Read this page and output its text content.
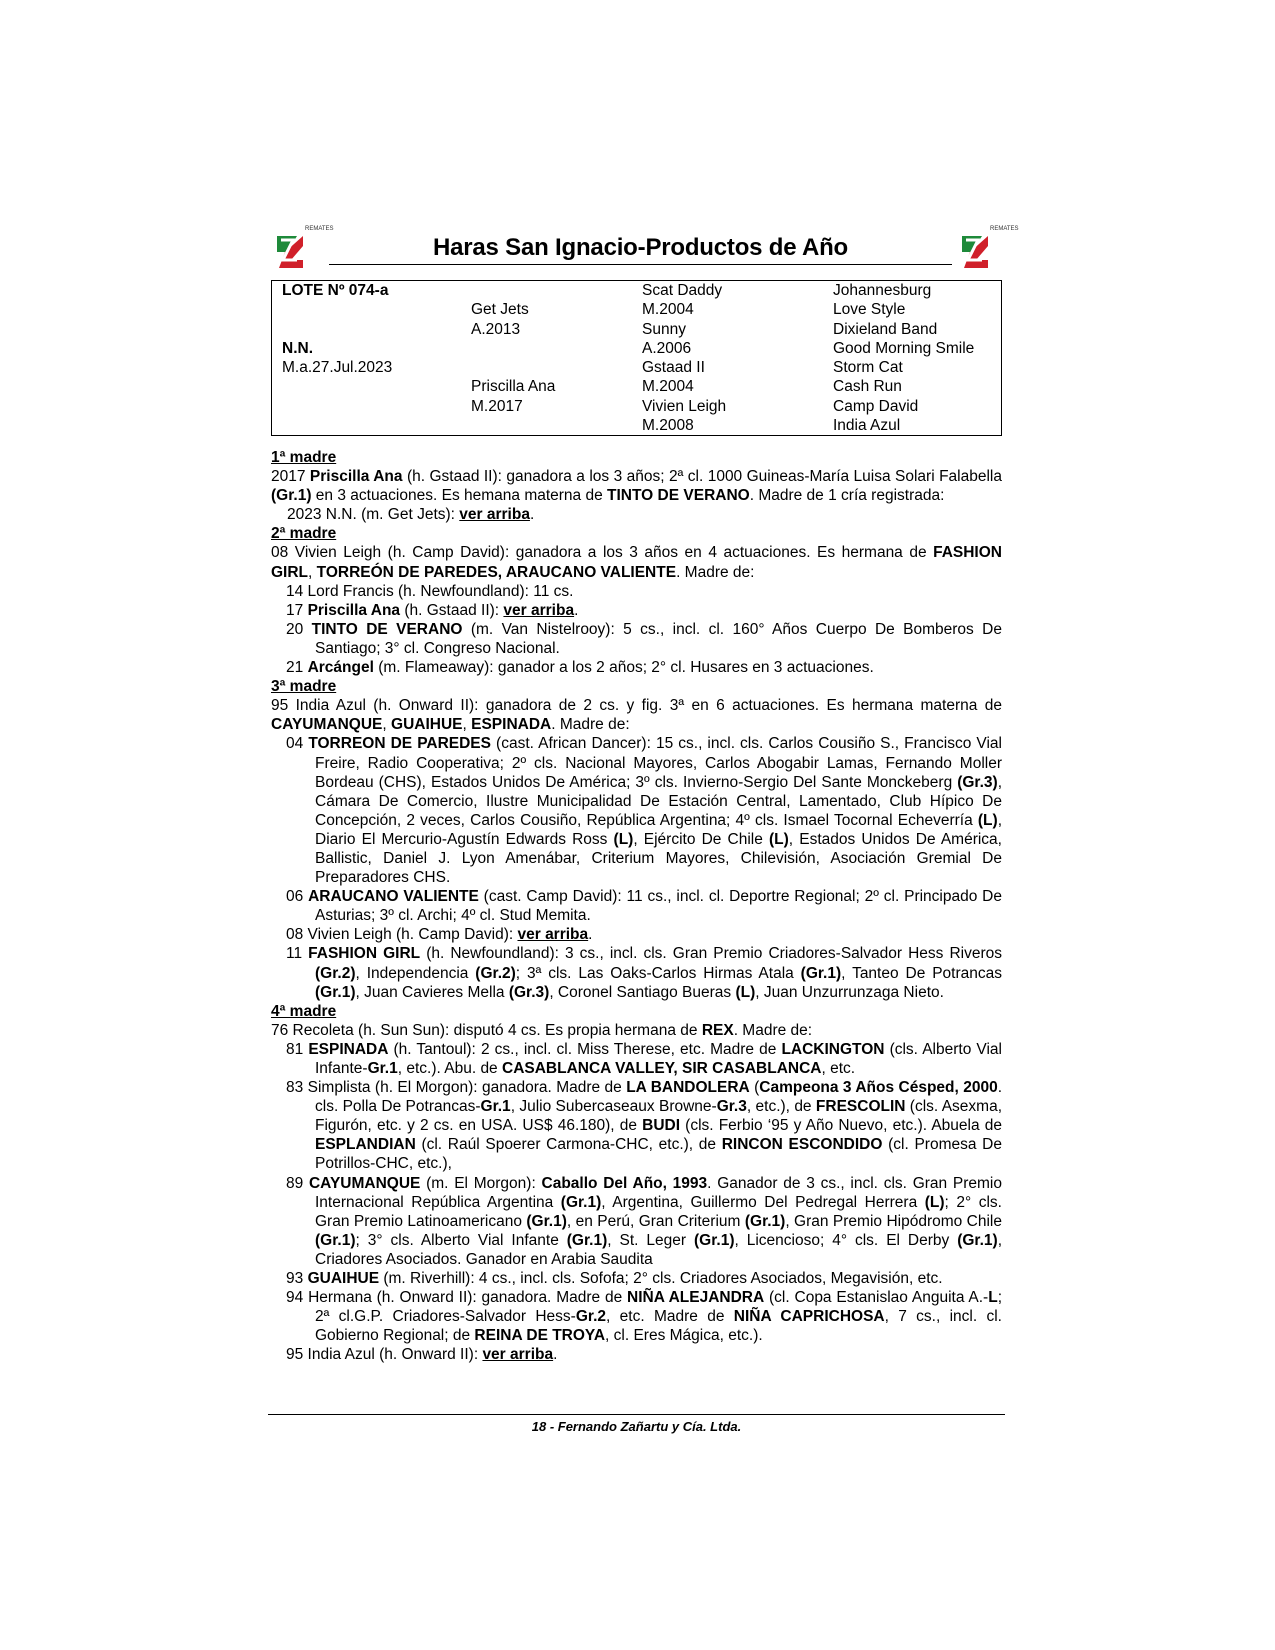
REMATES
Haras San Ignacio-Productos de Año
REMATES
LOTE Nº 074-a
N.N.
M.a.27.Jul.2023
Get Jets
A.2013
Priscilla Ana
M.2017
Scat Daddy
M.2004
Sunny
A.2006
Gstaad II
M.2004
Vivien Leigh
M.2008
Johannesburg
Love Style
Dixieland Band
Good Morning Smile
Storm Cat
Cash Run
Camp David
India Azul
1ª madre

2017 Priscilla Ana (h. Gstaad II): ganadora a los 3 años; 2ª cl. 1000 Guineas-María Luisa Solari Falabella (Gr.1) en 3 actuaciones. Es hemana materna de TINTO DE VERANO. Madre de 1 cría registrada:

2023 N.N. (m. Get Jets): ver arriba.

2ª madre

08 Vivien Leigh (h. Camp David): ganadora a los 3 años en 4 actuaciones. Es hermana de FASHION GIRL, TORREÓN DE PAREDES, ARAUCANO VALIENTE. Madre de:

14 Lord Francis (h. Newfoundland): 11 cs.

17 Priscilla Ana (h. Gstaad II): ver arriba.

20 TINTO DE VERANO (m. Van Nistelrooy): 5 cs., incl. cl. 160° Años Cuerpo De Bomberos De Santiago; 3° cl. Congreso Nacional.

21 Arcángel (m. Flameaway): ganador a los 2 años; 2° cl. Husares en 3 actuaciones.

3ª madre

95 India Azul (h. Onward II): ganadora de 2 cs. y fig. 3ª en 6 actuaciones. Es hermana materna de CAYUMANQUE, GUAIHUE, ESPINADA. Madre de:

04 TORREON DE PAREDES (cast. African Dancer): 15 cs., incl. cls. Carlos Cousiño S., Francisco Vial Freire, Radio Cooperativa; 2º cls. Nacional Mayores, Carlos Abogabir Lamas, Fernando Moller Bordeau (CHS), Estados Unidos De América; 3º cls. Invierno-Sergio Del Sante Monckeberg (Gr.3), Cámara De Comercio, Ilustre Municipalidad De Estación Central, Lamentado, Club Hípico De Concepción, 2 veces, Carlos Cousiño, República Argentina; 4º cls. Ismael Tocornal Echeverría (L), Diario El Mercurio-Agustín Edwards Ross (L), Ejército De Chile (L), Estados Unidos De América, Ballistic, Daniel J. Lyon Amenábar, Criterium Mayores, Chilevisión, Asociación Gremial De Preparadores CHS.

06 ARAUCANO VALIENTE (cast. Camp David): 11 cs., incl. cl. Deportre Regional; 2º cl. Principado De Asturias; 3º cl. Archi; 4º cl. Stud Memita.

08 Vivien Leigh (h. Camp David): ver arriba.

11 FASHION GIRL (h. Newfoundland): 3 cs., incl. cls. Gran Premio Criadores-Salvador Hess Riveros (Gr.2), Independencia (Gr.2); 3ª cls. Las Oaks-Carlos Hirmas Atala (Gr.1), Tanteo De Potrancas (Gr.1), Juan Cavieres Mella (Gr.3), Coronel Santiago Bueras (L), Juan Unzurrunzaga Nieto.

4ª madre

76 Recoleta (h. Sun Sun): disputó 4 cs. Es propia hermana de REX. Madre de:

81 ESPINADA (h. Tantoul): 2 cs., incl. cl. Miss Therese, etc. Madre de LACKINGTON (cls. Alberto Vial Infante-Gr.1, etc.). Abu. de CASABLANCA VALLEY, SIR CASABLANCA, etc.

83 Simplista (h. El Morgon): ganadora. Madre de LA BANDOLERA (Campeona 3 Años Césped, 2000. cls. Polla De Potrancas-Gr.1, Julio Subercaseaux Browne-Gr.3, etc.), de FRESCOLIN (cls. Asexma, Figurón, etc. y 2 cs. en USA. US$ 46.180), de BUDI (cls. Ferbio ‘95 y Año Nuevo, etc.). Abuela de ESPLANDIAN (cl. Raúl Spoerer Carmona-CHC, etc.), de RINCON ESCONDIDO (cl. Promesa De Potrillos-CHC, etc.),

89 CAYUMANQUE (m. El Morgon): Caballo Del Año, 1993. Ganador de 3 cs., incl. cls. Gran Premio Internacional República Argentina (Gr.1), Argentina, Guillermo Del Pedregal Herrera (L); 2° cls. Gran Premio Latinoamericano (Gr.1), en Perú, Gran Criterium (Gr.1), Gran Premio Hipódromo Chile (Gr.1); 3° cls. Alberto Vial Infante (Gr.1), St. Leger (Gr.1), Licencioso; 4° cls. El Derby (Gr.1), Criadores Asociados. Ganador en Arabia Saudita

93 GUAIHUE (m. Riverhill): 4 cs., incl. cls. Sofofa; 2° cls. Criadores Asociados, Megavisión, etc.

94 Hermana (h. Onward II): ganadora. Madre de NIÑA ALEJANDRA (cl. Copa Estanislao Anguita A.-L; 2ª cl.G.P. Criadores-Salvador Hess-Gr.2, etc. Madre de NIÑA CAPRICHOSA, 7 cs., incl. cl. Gobierno Regional; de REINA DE TROYA, cl. Eres Mágica, etc.).

95 India Azul (h. Onward II): ver arriba.

18 - Fernando Zañartu y Cía. Ltda.
